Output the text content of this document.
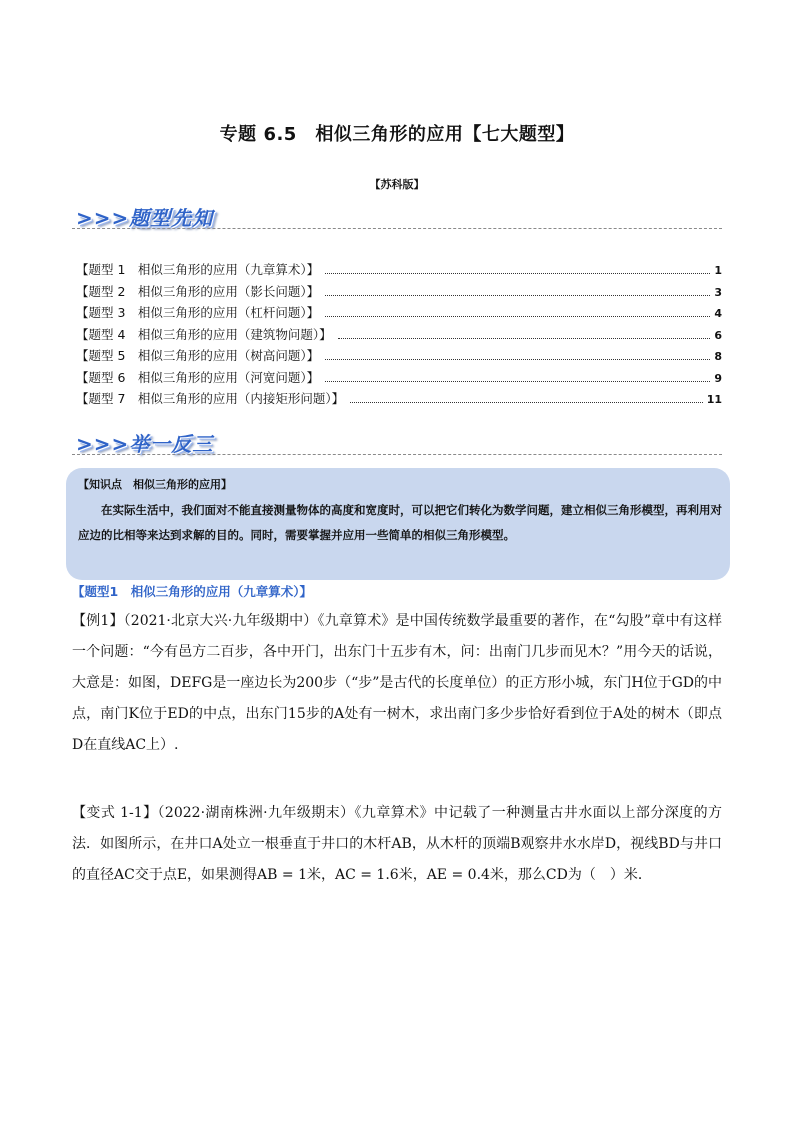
专题 6.5　相似三角形的应用【七大题型】
【苏科版】
>>>题型先知
【题型 1　相似三角形的应用（九章算术）】	1
【题型 2　相似三角形的应用（影长问题）】	3
【题型 3　相似三角形的应用（杠杆问题）】	4
【题型 4　相似三角形的应用（建筑物问题）】	6
【题型 5　相似三角形的应用（树高问题）】	8
【题型 6　相似三角形的应用（河宽问题）】	9
【题型 7　相似三角形的应用（内接矩形问题）】	11
>>>举一反三
【知识点　相似三角形的应用】
在实际生活中，我们面对不能直接测量物体的高度和宽度时，可以把它们转化为数学问题，建立相似三角形模型，再利用对应边的比相等来达到求解的目的。同时，需要掌握并应用一些简单的相似三角形模型。
【题型1　相似三角形的应用（九章算术）】
【例1】（2021·北京大兴·九年级期中）《九章算术》是中国传统数学最重要的著作，在“勾股”章中有这样一个问题：“今有邑方二百步，各中开门，出东门十五步有木，问：出南门几步而见木？”用今天的话说，大意是：如图，DEFG是一座边长为200步（“步”是古代的长度单位）的正方形小城，东门H位于GD的中点，南门K位于ED的中点，出东门15步的A处有一树木，求出南门多少步恰好看到位于A处的树木（即点D在直线AC上）.
【变式 1-1】（2022·湖南株洲·九年级期末）《九章算术》中记载了一种测量古井水面以上部分深度的方法．如图所示，在井口A处立一根垂直于井口的木杆AB，从木杆的顶端B观察井水水岸D，视线BD与井口的直径AC交于点E，如果测得AB = 1米，AC = 1.6米，AE = 0.4米，那么CD为（　）米．
